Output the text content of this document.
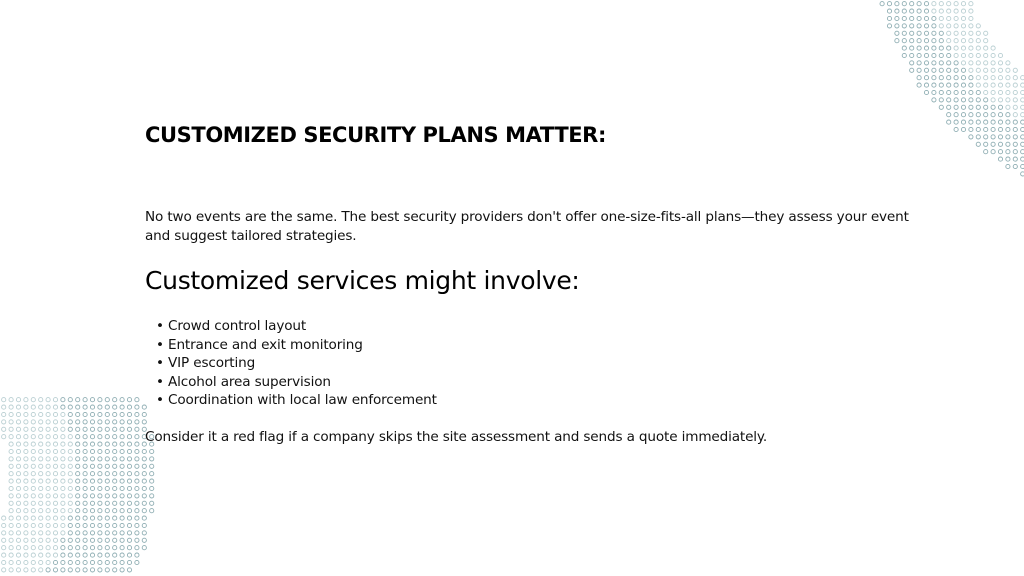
CUSTOMIZED SECURITY PLANS MATTER:

No two events are the same. The best security providers don't offer one-size-fits-all plans—they assess your event and suggest tailored strategies.

Customized services might involve:
• Crowd control layout
• Entrance and exit monitoring
• VIP escorting
• Alcohol area supervision
• Coordination with local law enforcement

Consider it a red flag if a company skips the site assessment and sends a quote immediately.
